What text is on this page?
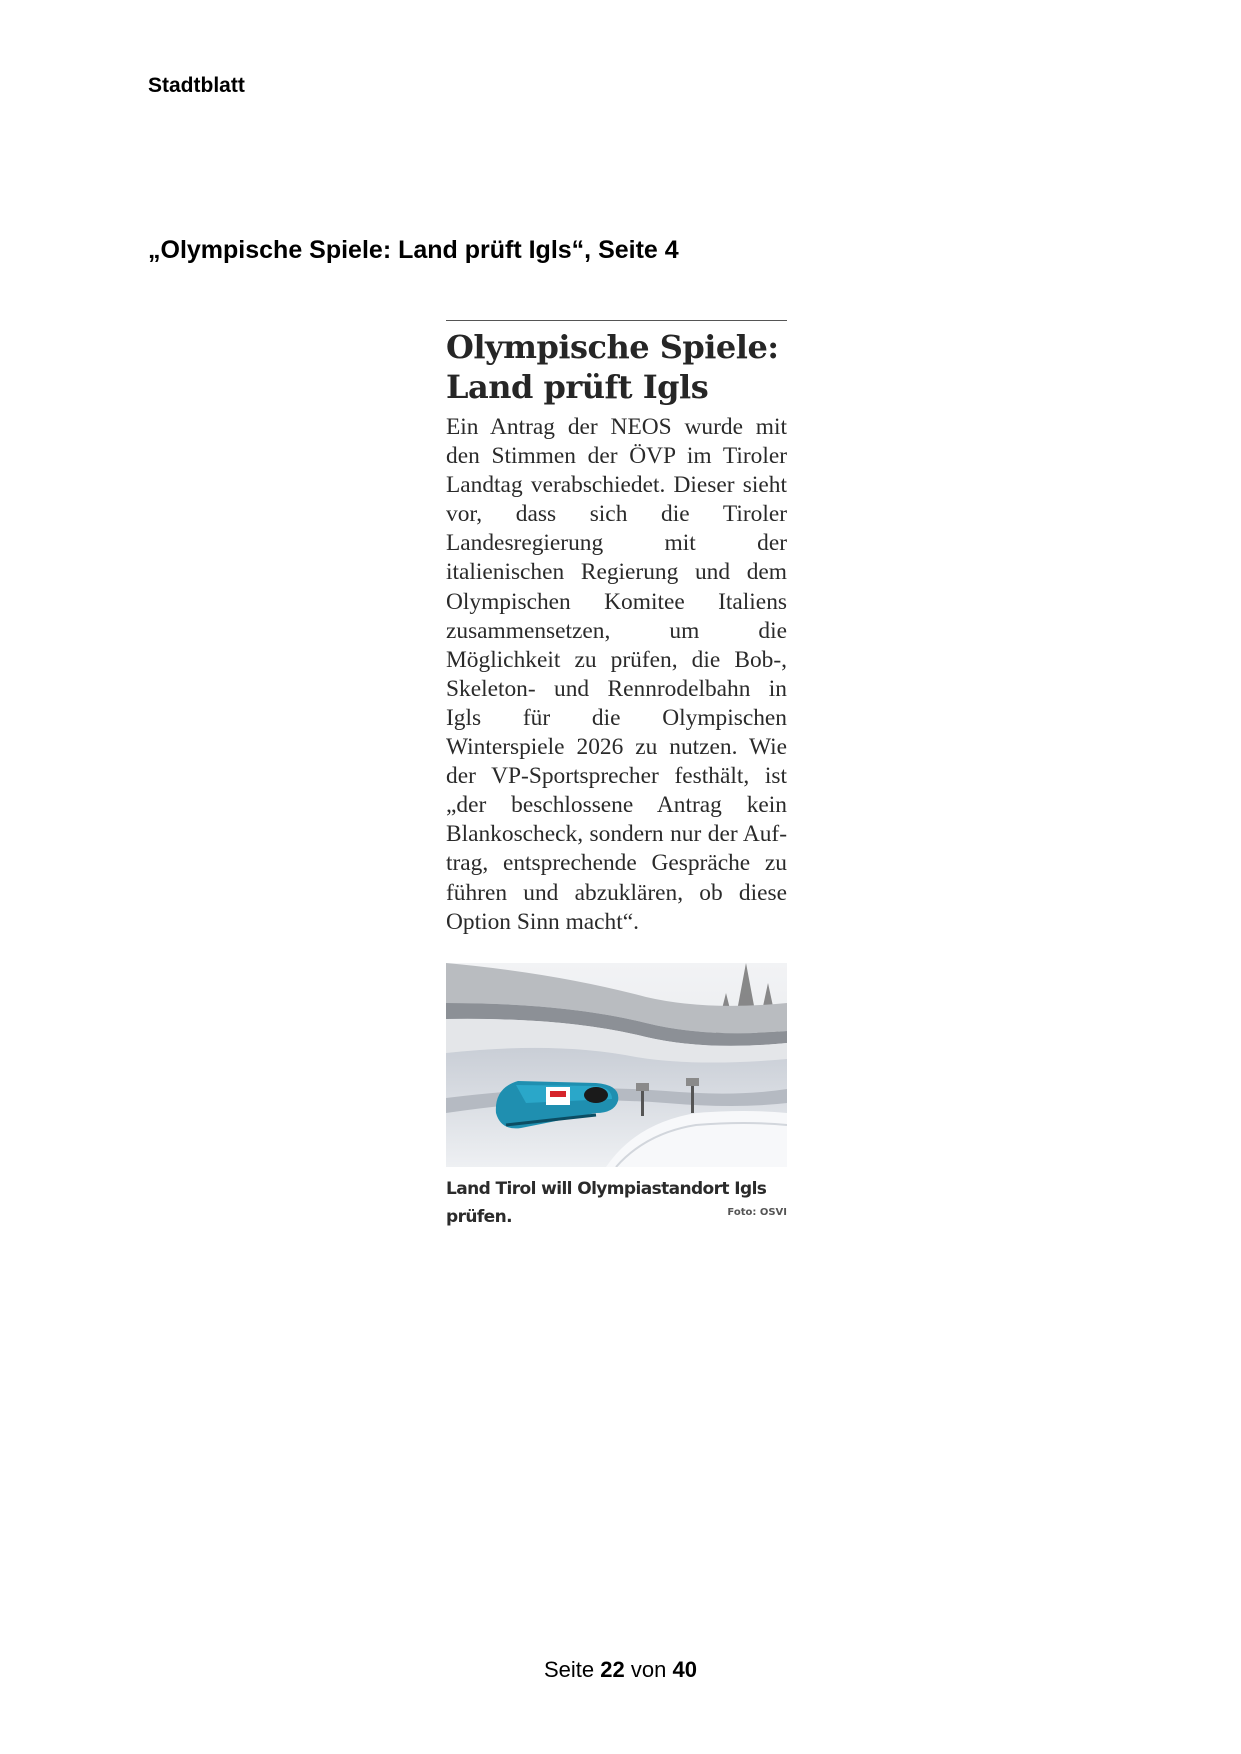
Stadtblatt

„Olympische Spiele: Land prüft Igls“, Seite 4
Olympische Spiele: Land prüft Igls

Ein Antrag der NEOS wurde mit den Stimmen der ÖVP im Tiroler Landtag verabschiedet. Dieser sieht vor, dass sich die Tiroler Landesregierung mit der italienischen Regierung und dem Olympischen Komitee Italiens zusammensetzen, um die Möglichkeit zu prüfen, die Bob-, Skeleton- und Rennrodelbahn in Igls für die Olympischen Winterspiele 2026 zu nutzen. Wie der VP-Sportsprecher festhält, ist „der beschlossene Antrag kein Blankoscheck, sondern nur der Auftrag, entsprechende Gespräche zu führen und abzuklären, ob diese Option Sinn macht“.

Land Tirol will Olympiastandort Igls prüfen.	Foto: OSVI

Seite 22 von 40
